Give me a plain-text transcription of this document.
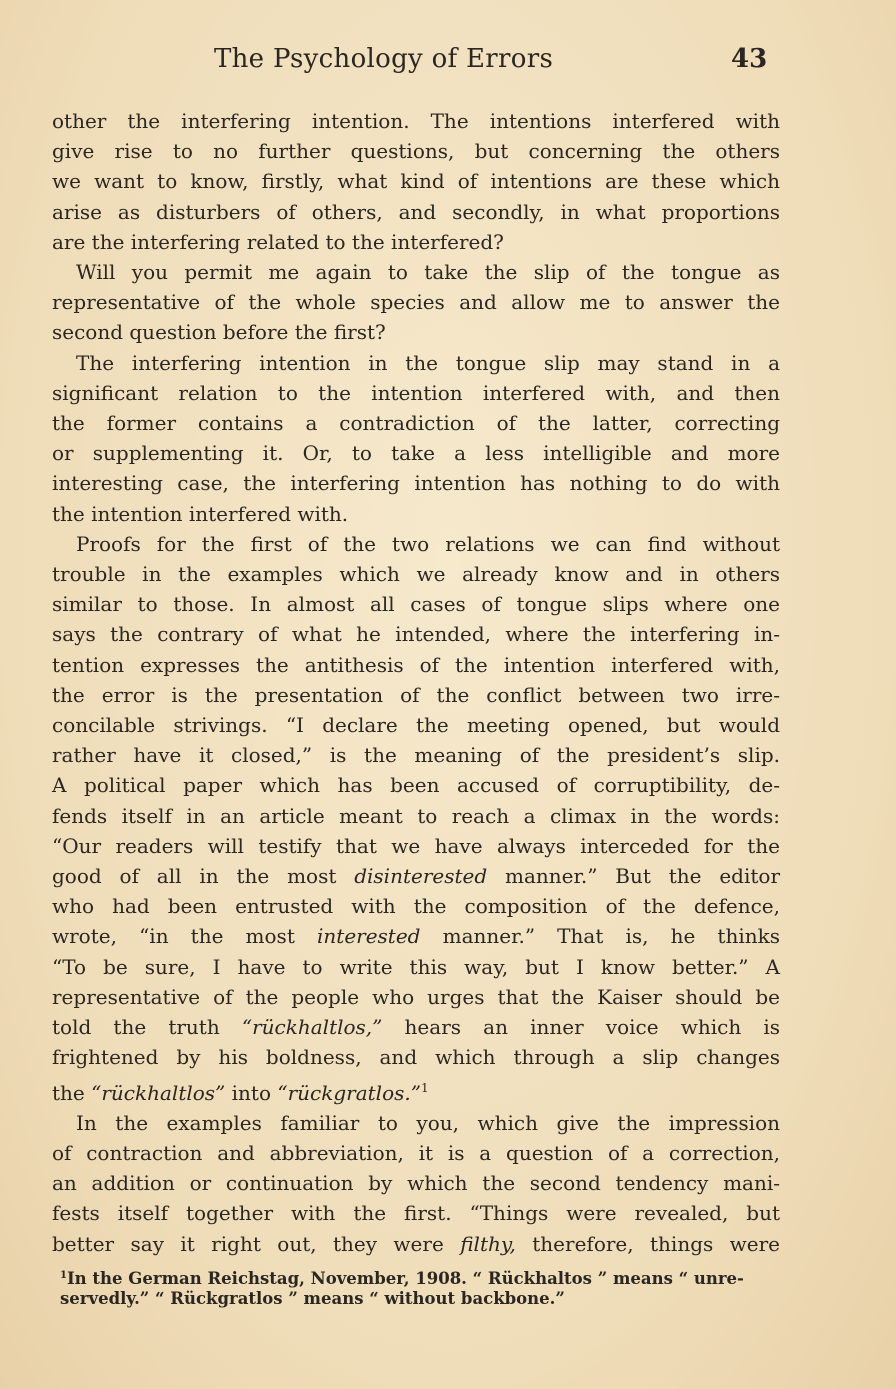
The Psychology of Errors	43

other the interfering intention. The intentions interfered with
give rise to no further questions, but concerning the others
we want to know, firstly, what kind of intentions are these which
arise as disturbers of others, and secondly, in what proportions
are the interfering related to the interfered?

Will you permit me again to take the slip of the tongue as
representative of the whole species and allow me to answer the
second question before the first?

The interfering intention in the tongue slip may stand in a
significant relation to the intention interfered with, and then
the former contains a contradiction of the latter, correcting
or supplementing it. Or, to take a less intelligible and more
interesting case, the interfering intention has nothing to do with
the intention interfered with.

Proofs for the first of the two relations we can find without
trouble in the examples which we already know and in others
similar to those. In almost all cases of tongue slips where one
says the contrary of what he intended, where the interfering in-
tention expresses the antithesis of the intention interfered with,
the error is the presentation of the conflict between two irre-
concilable strivings. “I declare the meeting opened, but would
rather have it closed,” is the meaning of the president’s slip.
A political paper which has been accused of corruptibility, de-
fends itself in an article meant to reach a climax in the words:
“Our readers will testify that we have always interceded for the
good of all in the most disinterested manner.” But the editor
who had been entrusted with the composition of the defence,
wrote, “in the most interested manner.” That is, he thinks
“To be sure, I have to write this way, but I know better.” A
representative of the people who urges that the Kaiser should be
told the truth “rückhaltlos,” hears an inner voice which is
frightened by his boldness, and which through a slip changes
the “rückhaltlos” into “rückgratlos.”$^1$

In the examples familiar to you, which give the impression
of contraction and abbreviation, it is a question of a correction,
an addition or continuation by which the second tendency mani-
fests itself together with the first. “Things were revealed, but
better say it right out, they were filthy, therefore, things were

$^1$In the German Reichstag, November, 1908. “ Rückhaltos ” means “ unre-
servedly.” “ Rückgratlos ” means “ without backbone.”
